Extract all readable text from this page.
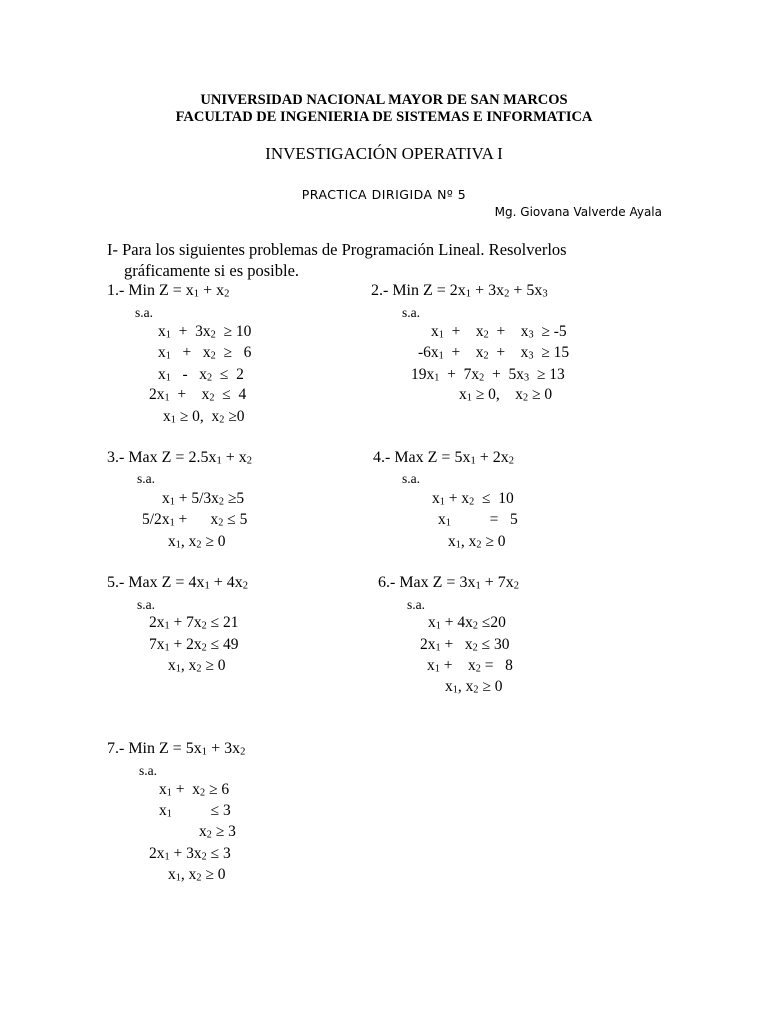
UNIVERSIDAD NACIONAL MAYOR DE SAN MARCOS
FACULTAD DE INGENIERIA DE SISTEMAS E INFORMATICA
INVESTIGACIÓN OPERATIVA I
PRACTICA DIRIGIDA Nº 5
Mg. Giovana Valverde Ayala
I- Para los siguientes problemas de Programación Lineal. Resolverlos
gráficamente si es posible.
1.- Min $Z = x_1 + x_2$
s.a.
$x_1 + 3x_2 \ge 10$
$x_1 + x_2 \ge 6$
$x_1 - x_2 \le 2$
$2x_1$  +    $x_2 \le 4$
$x_1 \ge 0$,  $x_2 \ge 0$
2.- Min $Z = 2x_1 + 3x_2 + 5x_3$
s.a.
$x_1$  +    $x_2$  +    $x_3 \ge -5$
$-6x_1$  +    $x_2$  +    $x_3 \ge 15$
$19x_1 + 7x_2 + 5x_3 \ge 13$
$x_1 \ge 0$,    $x_2 \ge 0$
3.- Max $Z = 2.5x_1 + x_2$
s.a.
$x_1 + 5/3x_2 \ge 5$
$5/2x_1$ +      $x_2 \le 5$
$x_1$, $x_2 \ge 0$
4.- Max $Z = 5x_1 + 2x_2$
s.a.
$x_1 + x_2 \le 10$
$x_1$          =   5
$x_1$, $x_2 \ge 0$
5.- Max $Z = 4x_1 + 4x_2$
s.a.
$2x_1 + 7x_2 \le 21$
$7x_1 + 2x_2 \le 49$
$x_1$, $x_2 \ge 0$
6.- Max $Z = 3x_1 + 7x_2$
s.a.
$x_1 + 4x_2 \le 20$
$2x_1 + x_2 \le 30$
$x_1$ +    $x_2 = 8$
$x_1$, $x_2 \ge 0$
7.- Min $Z = 5x_1 + 3x_2$
s.a.
$x_1 + x_2 \ge 6$
$x_1$          ≤ 3
$x_2 \ge 3$
$2x_1 + 3x_2 \le 3$
$x_1$, $x_2 \ge 0$
